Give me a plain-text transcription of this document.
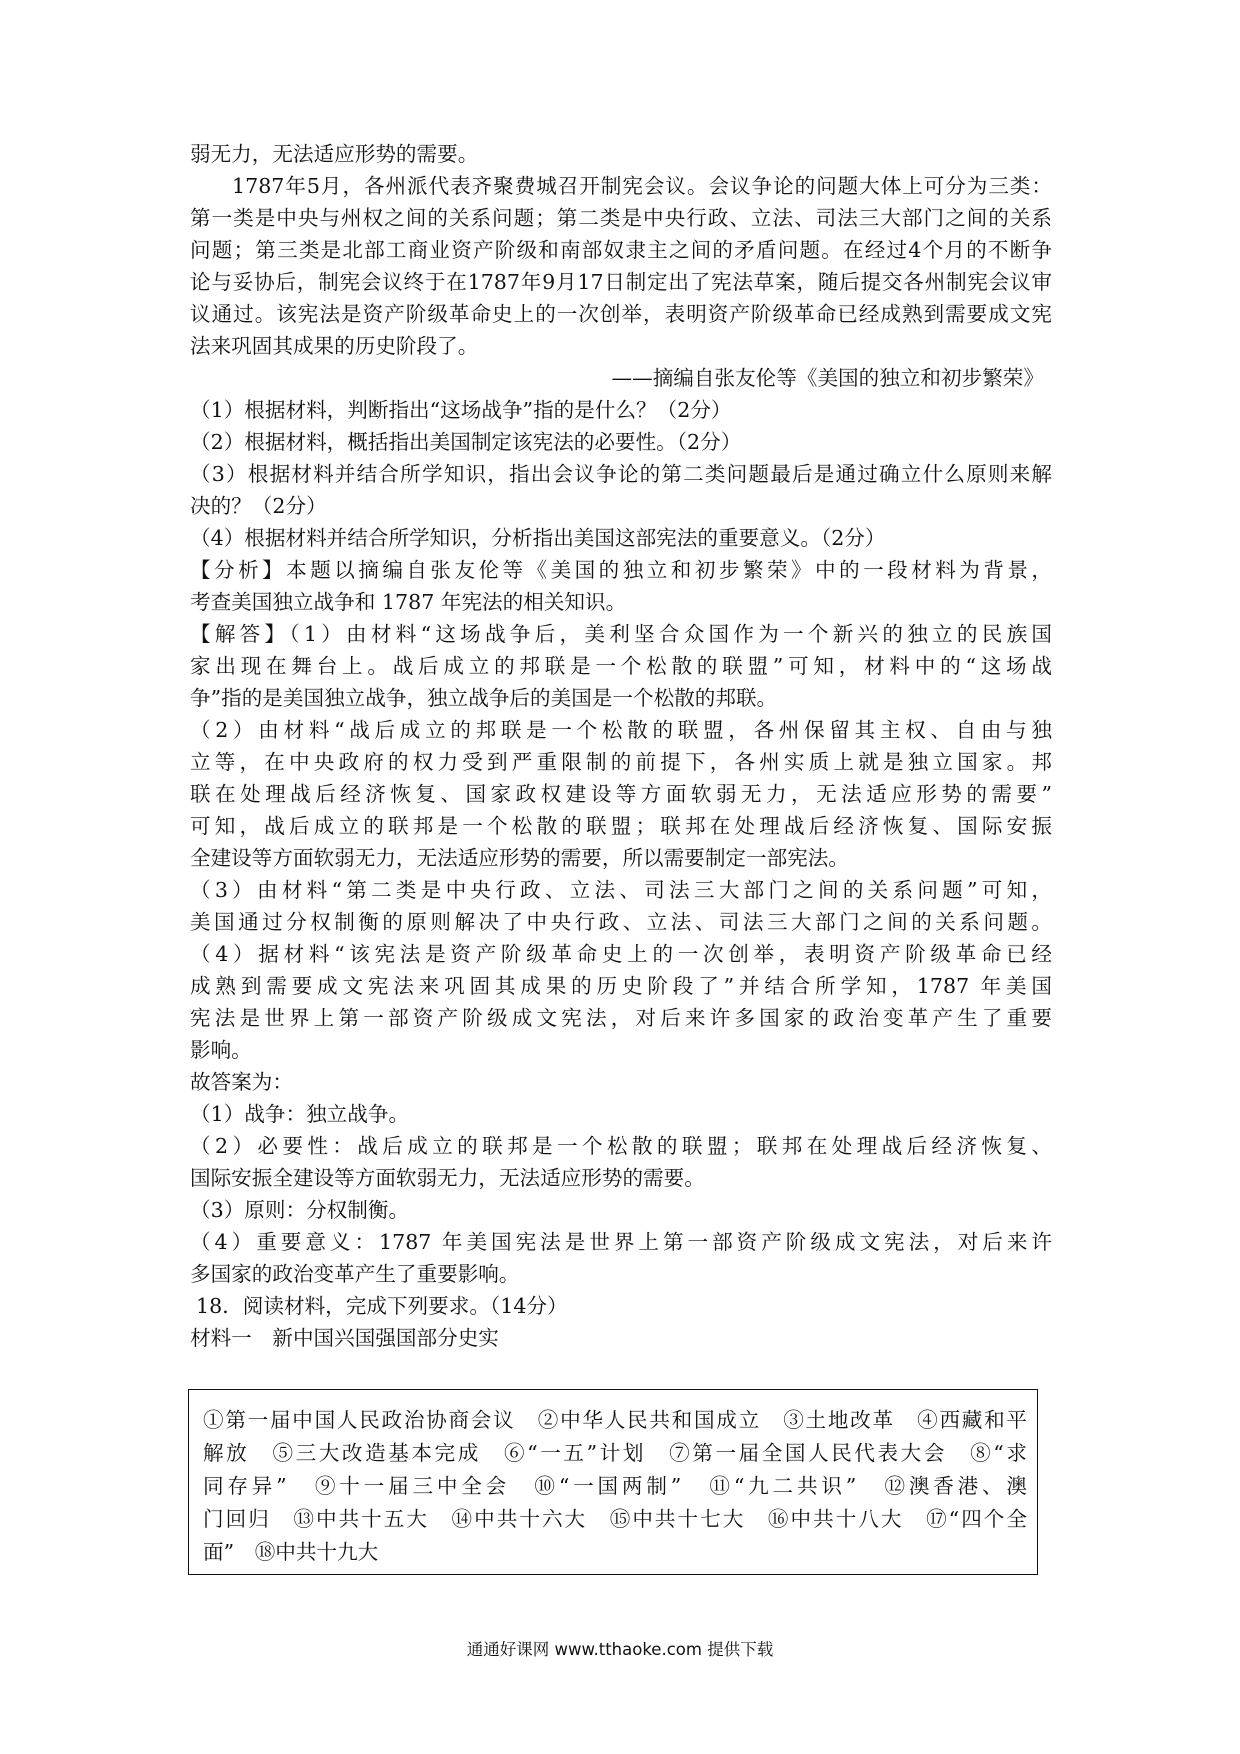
弱无力，无法适应形势的需要。
1787年5月，各州派代表齐聚费城召开制宪会议。会议争论的问题大体上可分为三类：
第一类是中央与州权之间的关系问题；第二类是中央行政、立法、司法三大部门之间的关系
问题；第三类是北部工商业资产阶级和南部奴隶主之间的矛盾问题。在经过4个月的不断争
论与妥协后，制宪会议终于在1787年9月17日制定出了宪法草案，随后提交各州制宪会议审
议通过。该宪法是资产阶级革命史上的一次创举，表明资产阶级革命已经成熟到需要成文宪
法来巩固其成果的历史阶段了。
——摘编自张友伦等《美国的独立和初步繁荣》
（1）根据材料，判断指出“这场战争”指的是什么？（2分）
（2）根据材料，概括指出美国制定该宪法的必要性。（2分）
（3）根据材料并结合所学知识，指出会议争论的第二类问题最后是通过确立什么原则来解
决的？（2分）
（4）根据材料并结合所学知识，分析指出美国这部宪法的重要意义。（2分）
【分析】本题以摘编自张友伦等《美国的独立和初步繁荣》中的一段材料为背景，
考查美国独立战争和 1787 年宪法的相关知识。
【解答】（1）由材料“这场战争后，美利坚合众国作为一个新兴的独立的民族国
家出现在舞台上。战后成立的邦联是一个松散的联盟”可知，材料中的“这场战
争”指的是美国独立战争，独立战争后的美国是一个松散的邦联。
（2）由材料“战后成立的邦联是一个松散的联盟，各州保留其主权、自由与独
立等，在中央政府的权力受到严重限制的前提下，各州实质上就是独立国家。邦
联在处理战后经济恢复、国家政权建设等方面软弱无力，无法适应形势的需要”
可知，战后成立的联邦是一个松散的联盟；联邦在处理战后经济恢复、国际安振
全建设等方面软弱无力，无法适应形势的需要，所以需要制定一部宪法。
（3）由材料“第二类是中央行政、立法、司法三大部门之间的关系问题”可知，
美国通过分权制衡的原则解决了中央行政、立法、司法三大部门之间的关系问题。
（4）据材料“该宪法是资产阶级革命史上的一次创举，表明资产阶级革命已经
成熟到需要成文宪法来巩固其成果的历史阶段了”并结合所学知，1787 年美国
宪法是世界上第一部资产阶级成文宪法，对后来许多国家的政治变革产生了重要
影响。
故答案为：
（1）战争：独立战争。
（2）必要性：战后成立的联邦是一个松散的联盟；联邦在处理战后经济恢复、
国际安振全建设等方面软弱无力，无法适应形势的需要。
（3）原则：分权制衡。
（4）重要意义：1787 年美国宪法是世界上第一部资产阶级成文宪法，对后来许
多国家的政治变革产生了重要影响。
18．阅读材料，完成下列要求。（14分）
材料一　新中国兴国强国部分史实
①第一届中国人民政治协商会议　②中华人民共和国成立　③土地改革　④西藏和平
解放　⑤三大改造基本完成　⑥“一五”计划　⑦第一届全国人民代表大会　⑧“求
同存异”　⑨十一届三中全会　⑩“一国两制”　⑪“九二共识”　⑫澳香港、澳
门回归　⑬中共十五大　⑭中共十六大　⑮中共十七大　⑯中共十八大　⑰“四个全
面”　⑱中共十九大
通通好课网 www.tthaoke.com 提供下载
